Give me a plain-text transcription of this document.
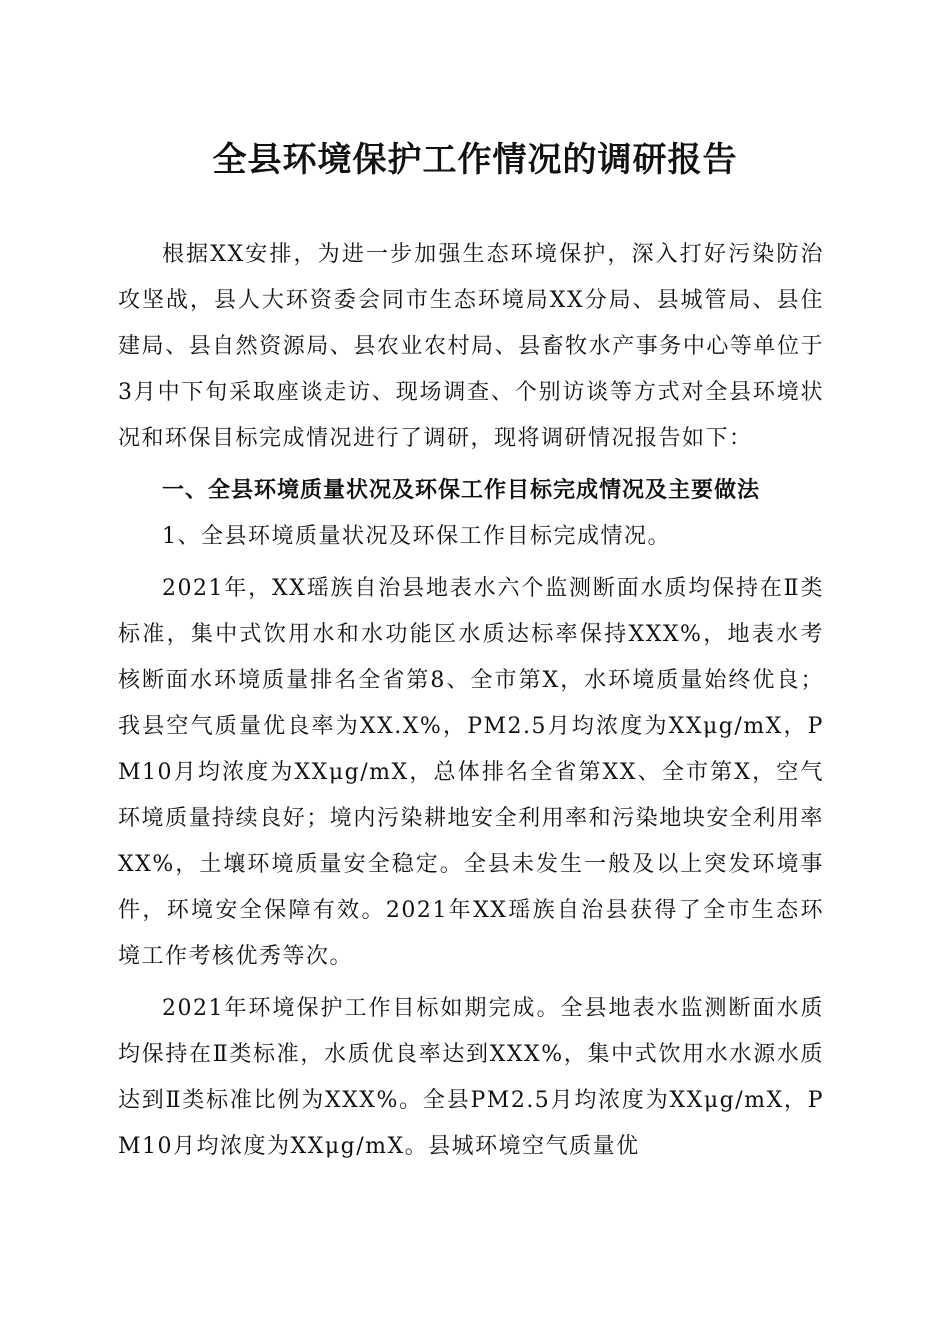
全县环境保护工作情况的调研报告

根据XX安排，为进一步加强生态环境保护，深入打好污染防治攻坚战，县人大环资委会同市生态环境局XX分局、县城管局、县住建局、县自然资源局、县农业农村局、县畜牧水产事务中心等单位于3月中下旬采取座谈走访、现场调查、个别访谈等方式对全县环境状况和环保目标完成情况进行了调研，现将调研情况报告如下：

一、全县环境质量状况及环保工作目标完成情况及主要做法

1、全县环境质量状况及环保工作目标完成情况。

2021年，XX瑶族自治县地表水六个监测断面水质均保持在Ⅱ类标准，集中式饮用水和水功能区水质达标率保持XXX%，地表水考核断面水环境质量排名全省第8、全市第X，水环境质量始终优良；我县空气质量优良率为XX.X%，PM2.5月均浓度为XXμg/mX，PM10月均浓度为XXμg/mX，总体排名全省第XX、全市第X，空气环境质量持续良好；境内污染耕地安全利用率和污染地块安全利用率XX%，土壤环境质量安全稳定。全县未发生一般及以上突发环境事件，环境安全保障有效。2021年XX瑶族自治县获得了全市生态环境工作考核优秀等次。

2021年环境保护工作目标如期完成。全县地表水监测断面水质均保持在Ⅱ类标准，水质优良率达到XXX%，集中式饮用水水源水质达到Ⅱ类标准比例为XXX%。全县PM2.5月均浓度为XXμg/mX，PM10月均浓度为XXμg/mX。县城环境空气质量优
